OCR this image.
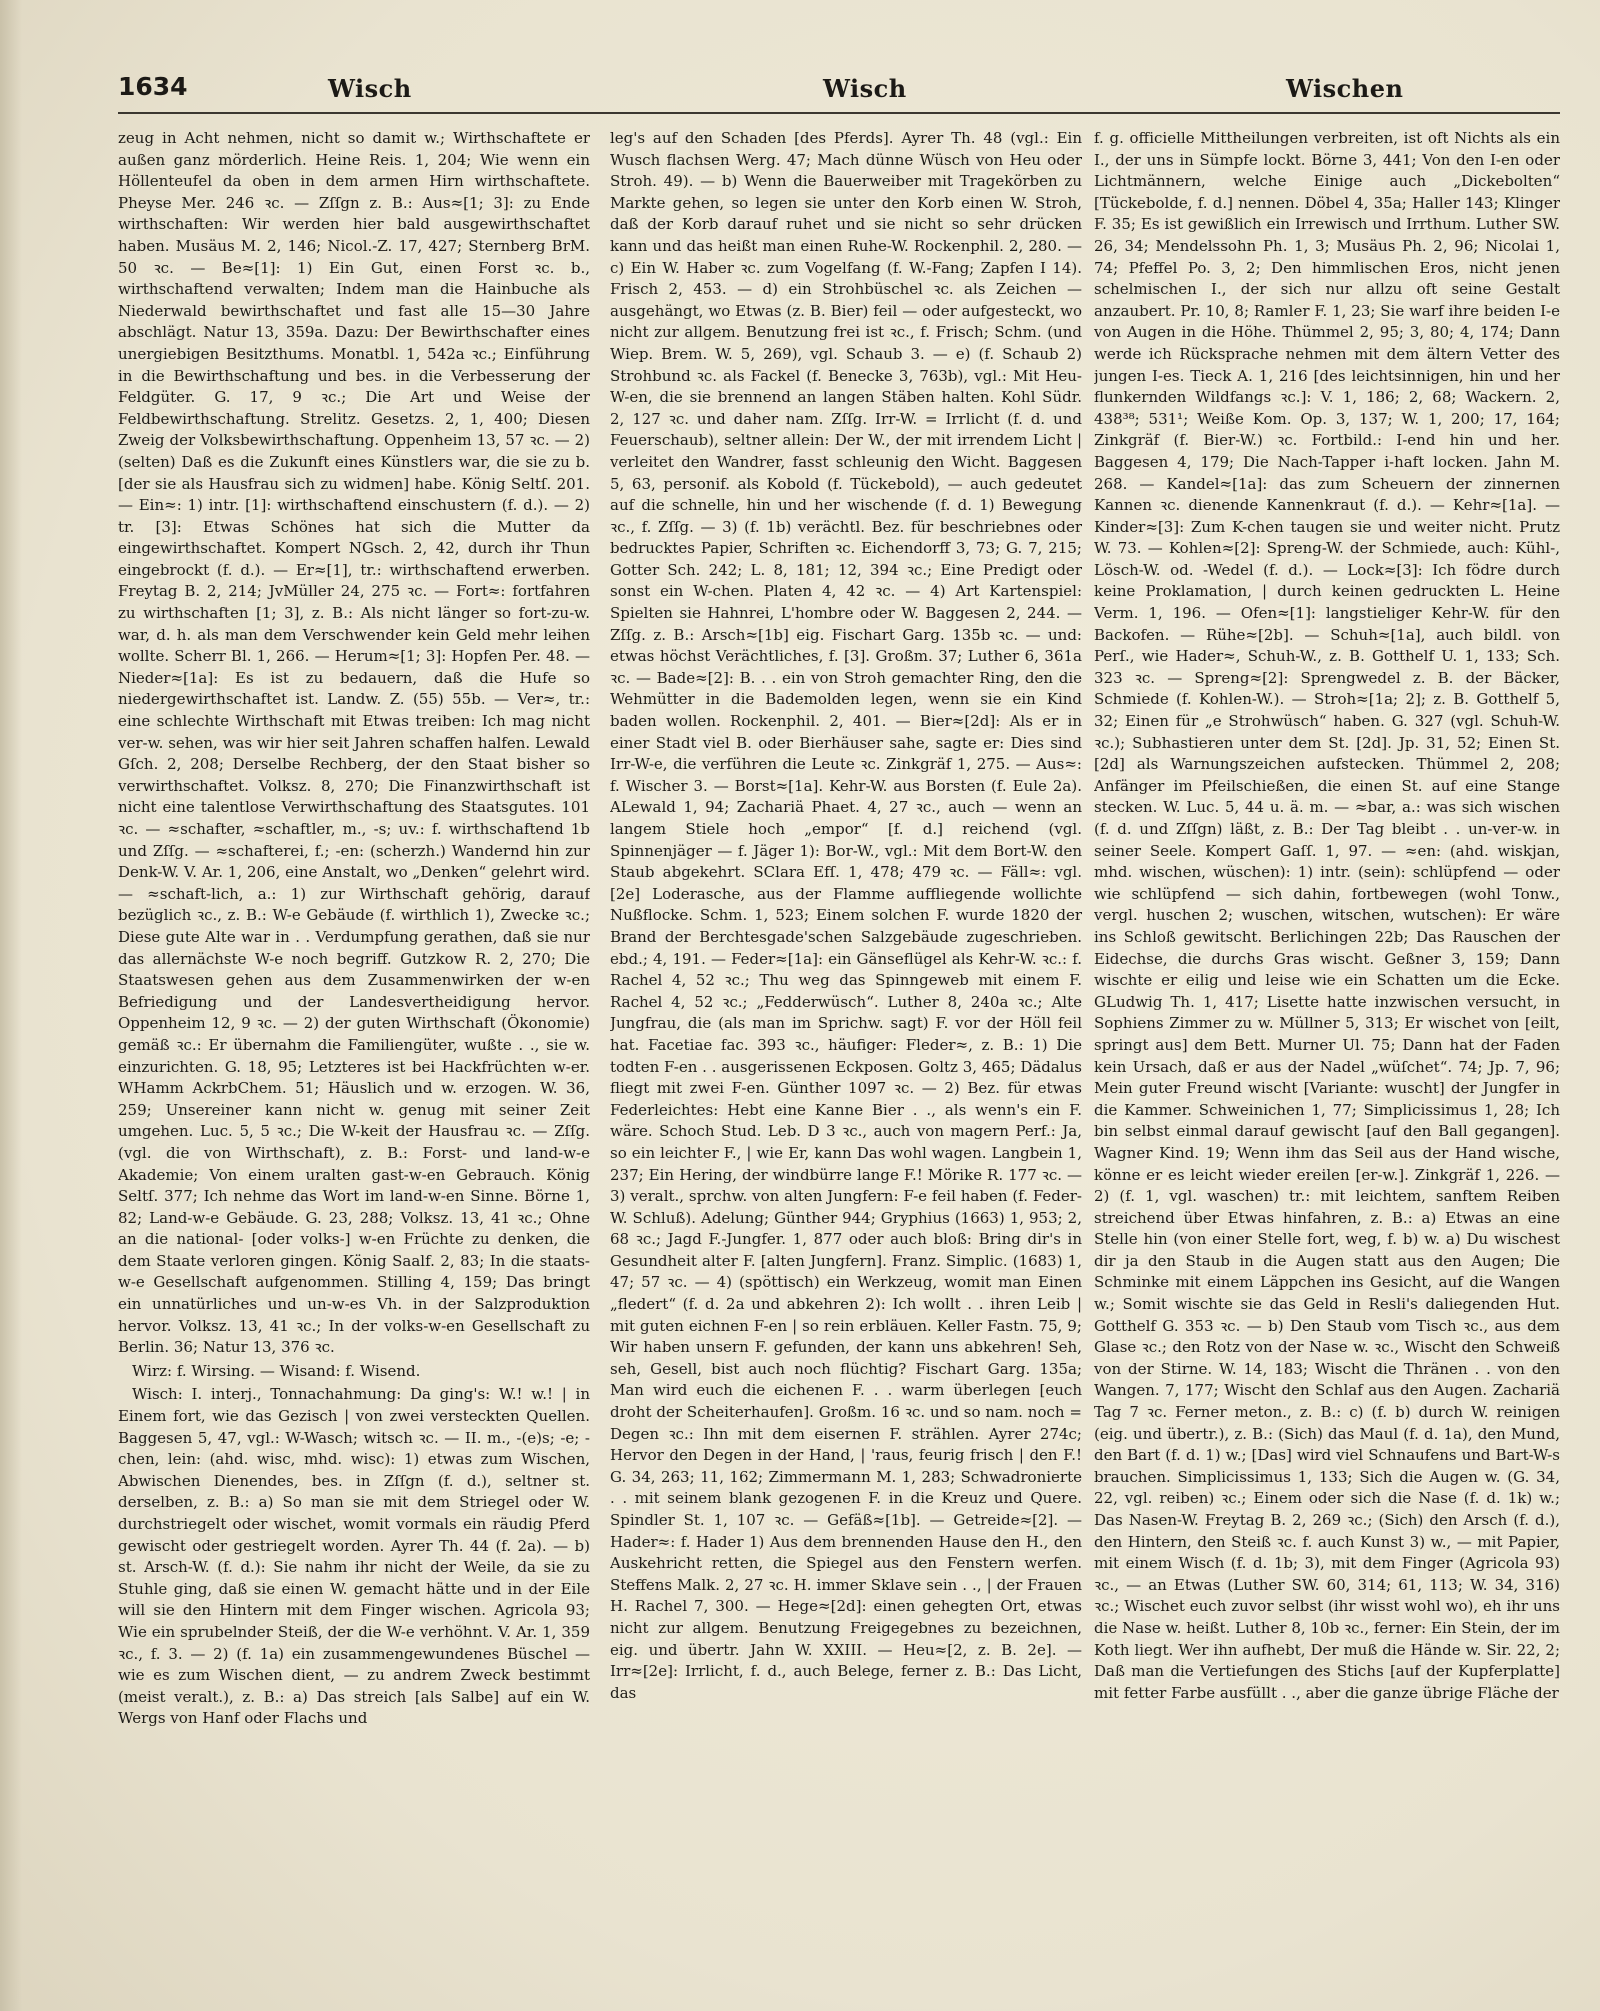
1634	Wisch	Wisch	Wischen

zeug in Acht nehmen, nicht so damit w.; Wirthschaftete er außen ganz mörderlich. Heine Reis. 1, 204; Wie wenn ein Höllenteufel da oben in dem armen Hirn wirthschaftete. Pheyse Mer. 246 ꝛc. — Zſſgn z. B.: Aus≈[1; 3]: zu Ende wirthschaften: Wir werden hier bald ausgewirthschaftet haben. Musäus M. 2, 146; Nicol.-Z. 17, 427; Sternberg BrM. 50 ꝛc. — Be≈[1]: 1) Ein Gut, einen Forst ꝛc. b., wirthschaftend verwalten; Indem man die Hainbuche als Niederwald bewirthschaftet und fast alle 15—30 Jahre abschlägt. Natur 13, 359a. Dazu: Der Bewirthschafter eines unergiebigen Besitzthums. Monatbl. 1, 542a ꝛc.; Einführung in die Bewirthschaftung und bes. in die Verbesserung der Feldgüter. G. 17, 9 ꝛc.; Die Art und Weise der Feldbewirthschaftung. Strelitz. Gesetzs. 2, 1, 400; Diesen Zweig der Volksbewirthschaftung. Oppenheim 13, 57 ꝛc. — 2) (selten) Daß es die Zukunft eines Künstlers war, die sie zu b. [der sie als Hausfrau sich zu widmen] habe. König Seltſ. 201. — Ein≈: 1) intr. [1]: wirthschaftend einschustern (f. d.). — 2) tr. [3]: Etwas Schönes hat sich die Mutter da eingewirthschaftet. Kompert NGsch. 2, 42, durch ihr Thun eingebrockt (f. d.). — Er≈[1], tr.: wirthschaftend erwerben. Freytag B. 2, 214; JvMüller 24, 275 ꝛc. — Fort≈: fortfahren zu wirthschaften [1; 3], z. B.: Als nicht länger so fort-zu-w. war, d. h. als man dem Verschwender kein Geld mehr leihen wollte. Scherr Bl. 1, 266. — Herum≈[1; 3]: Hopfen Per. 48. — Nieder≈[1a]: Es ist zu bedauern, daß die Hufe so niedergewirthschaftet ist. Landw. Z. (55) 55b. — Ver≈, tr.: eine schlechte Wirthschaft mit Etwas treiben: Ich mag nicht ver-w. sehen, was wir hier seit Jahren schaffen halfen. Lewald Gſch. 2, 208; Derselbe Rechberg, der den Staat bisher so verwirthschaftet. Volksz. 8, 270; Die Finanzwirthschaft ist nicht eine talentlose Verwirthschaftung des Staatsgutes. 101 ꝛc. — ≈schafter, ≈schaftler, m., -s; uv.: f. wirthschaftend 1b und Zſſg. — ≈schafterei, f.; -en: (scherzh.) Wandernd hin zur Denk-W. V. Ar. 1, 206, eine Anstalt, wo „Denken“ gelehrt wird. — ≈schaft-lich, a.: 1) zur Wirthschaft gehörig, darauf bezüglich ꝛc., z. B.: W-e Gebäude (f. wirthlich 1), Zwecke ꝛc.; Diese gute Alte war in . . Verdumpfung gerathen, daß sie nur das allernächste W-e noch begriff. Gutzkow R. 2, 270; Die Staatswesen gehen aus dem Zusammenwirken der w-en Befriedigung und der Landesvertheidigung hervor. Oppenheim 12, 9 ꝛc. — 2) der guten Wirthschaft (Ökonomie) gemäß ꝛc.: Er übernahm die Familiengüter, wußte . ., sie w. einzurichten. G. 18, 95; Letzteres ist bei Hackfrüchten w-er. WHamm AckrbChem. 51; Häuslich und w. erzogen. W. 36, 259; Unsereiner kann nicht w. genug mit seiner Zeit umgehen. Luc. 5, 5 ꝛc.; Die W-keit der Hausfrau ꝛc. — Zſſg. (vgl. die von Wirthschaft), z. B.: Forst- und land-w-e Akademie; Von einem uralten gast-w-en Gebrauch. König Seltſ. 377; Ich nehme das Wort im land-w-en Sinne. Börne 1, 82; Land-w-e Gebäude. G. 23, 288; Volksz. 13, 41 ꝛc.; Ohne an die national- [oder volks-] w-en Früchte zu denken, die dem Staate verloren gingen. König Saalf. 2, 83; In die staats-w-e Gesellschaft aufgenommen. Stilling 4, 159; Das bringt ein unnatürliches und un-w-es Vh. in der Salzproduktion hervor. Volksz. 13, 41 ꝛc.; In der volks-w-en Gesellschaft zu Berlin. 36; Natur 13, 376 ꝛc.

Wirz: f. Wirsing. — Wisand: f. Wisend.

Wisch: I. interj., Tonnachahmung: Da ging's: W.! w.! | in Einem fort, wie das Gezisch | von zwei versteckten Quellen. Baggesen 5, 47, vgl.: W-Wasch; witsch ꝛc. — II. m., -(e)s; -e; -chen, lein: (ahd. wisc, mhd. wisc): 1) etwas zum Wischen, Abwischen Dienendes, bes. in Zſſgn (f. d.), seltner st. derselben, z. B.: a) So man sie mit dem Striegel oder W. durchstriegelt oder wischet, womit vormals ein räudig Pferd gewischt oder gestriegelt worden. Ayrer Th. 44 (f. 2a). — b) st. Arsch-W. (f. d.): Sie nahm ihr nicht der Weile, da sie zu Stuhle ging, daß sie einen W. gemacht hätte und in der Eile will sie den Hintern mit dem Finger wischen. Agricola 93; Wie ein sprubelnder Steiß, der die W-e verhöhnt. V. Ar. 1, 359 ꝛc., f. 3. — 2) (f. 1a) ein zusammengewundenes Büschel — wie es zum Wischen dient, — zu andrem Zweck bestimmt (meist veralt.), z. B.: a) Das streich [als Salbe] auf ein W. Wergs von Hanf oder Flachs und

leg's auf den Schaden [des Pferds]. Ayrer Th. 48 (vgl.: Ein Wusch flachsen Werg. 47; Mach dünne Wüsch von Heu oder Stroh. 49). — b) Wenn die Bauerweiber mit Tragekörben zu Markte gehen, so legen sie unter den Korb einen W. Stroh, daß der Korb darauf ruhet und sie nicht so sehr drücken kann und das heißt man einen Ruhe-W. Rockenphil. 2, 280. — c) Ein W. Haber ꝛc. zum Vogelfang (f. W.-Fang; Zapfen I 14). Frisch 2, 453. — d) ein Strohbüschel ꝛc. als Zeichen — ausgehängt, wo Etwas (z. B. Bier) feil — oder aufgesteckt, wo nicht zur allgem. Benutzung frei ist ꝛc., f. Frisch; Schm. (und Wiep. Brem. W. 5, 269), vgl. Schaub 3. — e) (f. Schaub 2) Strohbund ꝛc. als Fackel (f. Benecke 3, 763b), vgl.: Mit Heu-W-en, die sie brennend an langen Stäben halten. Kohl Südr. 2, 127 ꝛc. und daher nam. Zſſg. Irr-W. = Irrlicht (f. d. und Feuerschaub), seltner allein: Der W., der mit irrendem Licht | verleitet den Wandrer, fasst schleunig den Wicht. Baggesen 5, 63, personif. als Kobold (f. Tückebold), — auch gedeutet auf die schnelle, hin und her wischende (f. d. 1) Bewegung ꝛc., f. Zſſg. — 3) (f. 1b) verächtl. Bez. für beschriebnes oder bedrucktes Papier, Schriften ꝛc. Eichendorff 3, 73; G. 7, 215; Gotter Sch. 242; L. 8, 181; 12, 394 ꝛc.; Eine Predigt oder sonst ein W-chen. Platen 4, 42 ꝛc. — 4) Art Kartenspiel: Spielten sie Hahnrei, L'hombre oder W. Baggesen 2, 244. — Zſſg. z. B.: Arsch≈[1b] eig. Fischart Garg. 135b ꝛc. — und: etwas höchst Verächtliches, f. [3]. Großm. 37; Luther 6, 361a ꝛc. — Bade≈[2]: B. . . ein von Stroh gemachter Ring, den die Wehmütter in die Bademolden legen, wenn sie ein Kind baden wollen. Rockenphil. 2, 401. — Bier≈[2d]: Als er in einer Stadt viel B. oder Bierhäuser sahe, sagte er: Dies sind Irr-W-e, die verführen die Leute ꝛc. Zinkgräf 1, 275. — Aus≈: f. Wischer 3. — Borst≈[1a]. Kehr-W. aus Borsten (f. Eule 2a). ALewald 1, 94; Zachariä Phaet. 4, 27 ꝛc., auch — wenn an langem Stiele hoch „empor“ [f. d.] reichend (vgl. Spinnenjäger — f. Jäger 1): Bor-W., vgl.: Mit dem Bort-W. den Staub abgekehrt. SClara Efſ. 1, 478; 479 ꝛc. — Fäll≈: vgl. [2e] Loderasche, aus der Flamme auffliegende wollichte Nußflocke. Schm. 1, 523; Einem solchen F. wurde 1820 der Brand der Berchtesgade'schen Salzgebäude zugeschrieben. ebd.; 4, 191. — Feder≈[1a]: ein Gänseflügel als Kehr-W. ꝛc.: f. Rachel 4, 52 ꝛc.; Thu weg das Spinngeweb mit einem F. Rachel 4, 52 ꝛc.; „Fedderwüsch“. Luther 8, 240a ꝛc.; Alte Jungfrau, die (als man im Sprichw. sagt) F. vor der Höll feil hat. Facetiae fac. 393 ꝛc., häufiger: Fleder≈, z. B.: 1) Die todten F-en . . ausgerissenen Eckposen. Goltz 3, 465; Dädalus fliegt mit zwei F-en. Günther 1097 ꝛc. — 2) Bez. für etwas Federleichtes: Hebt eine Kanne Bier . ., als wenn's ein F. wäre. Schoch Stud. Leb. D 3 ꝛc., auch von magern Perf.: Ja, so ein leichter F., | wie Er, kann Das wohl wagen. Langbein 1, 237; Ein Hering, der windbürre lange F.! Mörike R. 177 ꝛc. — 3) veralt., sprchw. von alten Jungfern: F-e feil haben (f. Feder-W. Schluß). Adelung; Günther 944; Gryphius (1663) 1, 953; 2, 68 ꝛc.; Jagd F.-Jungfer. 1, 877 oder auch bloß: Bring dir's in Gesundheit alter F. [alten Jungfern]. Franz. Simplic. (1683) 1, 47; 57 ꝛc. — 4) (spöttisch) ein Werkzeug, womit man Einen „fledert“ (f. d. 2a und abkehren 2): Ich wollt . . ihren Leib | mit guten eichnen F-en | so rein erbläuen. Keller Fastn. 75, 9; Wir haben unsern F. gefunden, der kann uns abkehren! Seh, seh, Gesell, bist auch noch flüchtig? Fischart Garg. 135a; Man wird euch die eichenen F. . . warm überlegen [euch droht der Scheiterhaufen]. Großm. 16 ꝛc. und so nam. noch = Degen ꝛc.: Ihn mit dem eisernen F. strählen. Ayrer 274c; Hervor den Degen in der Hand, | 'raus, feurig frisch | den F.! G. 34, 263; 11, 162; Zimmermann M. 1, 283; Schwadronierte . . mit seinem blank gezogenen F. in die Kreuz und Quere. Spindler St. 1, 107 ꝛc. — Gefäß≈[1b]. — Getreide≈[2]. — Hader≈: f. Hader 1) Aus dem brennenden Hause den H., den Auskehricht retten, die Spiegel aus den Fenstern werfen. Steffens Malk. 2, 27 ꝛc. H. immer Sklave sein . ., | der Frauen H. Rachel 7, 300. — Hege≈[2d]: einen gehegten Ort, etwas nicht zur allgem. Benutzung Freigegebnes zu bezeichnen, eig. und übertr. Jahn W. XXIII. — Heu≈[2, z. B. 2e]. — Irr≈[2e]: Irrlicht, f. d., auch Belege, ferner z. B.: Das Licht, das

f. g. officielle Mittheilungen verbreiten, ist oft Nichts als ein I., der uns in Sümpfe lockt. Börne 3, 441; Von den I-en oder Lichtmännern, welche Einige auch „Dickebolten“ [Tückebolde, f. d.] nennen. Döbel 4, 35a; Haller 143; Klinger F. 35; Es ist gewißlich ein Irrewisch und Irrthum. Luther SW. 26, 34; Mendelssohn Ph. 1, 3; Musäus Ph. 2, 96; Nicolai 1, 74; Pfeffel Po. 3, 2; Den himmlischen Eros, nicht jenen schelmischen I., der sich nur allzu oft seine Gestalt anzaubert. Pr. 10, 8; Ramler F. 1, 23; Sie warf ihre beiden I-e von Augen in die Höhe. Thümmel 2, 95; 3, 80; 4, 174; Dann werde ich Rücksprache nehmen mit dem ältern Vetter des jungen I-es. Tieck A. 1, 216 [des leichtsinnigen, hin und her flunkernden Wildfangs ꝛc.]: V. 1, 186; 2, 68; Wackern. 2, 438³⁸; 531¹; Weiße Kom. Op. 3, 137; W. 1, 200; 17, 164; Zinkgräf (f. Bier-W.) ꝛc. Fortbild.: I-end hin und her. Baggesen 4, 179; Die Nach-Tapper i-haft locken. Jahn M. 268. — Kandel≈[1a]: das zum Scheuern der zinnernen Kannen ꝛc. dienende Kannenkraut (f. d.). — Kehr≈[1a]. — Kinder≈[3]: Zum K-chen taugen sie und weiter nicht. Prutz W. 73. — Kohlen≈[2]: Spreng-W. der Schmiede, auch: Kühl-, Lösch-W. od. -Wedel (f. d.). — Lock≈[3]: Ich födre durch keine Proklamation, | durch keinen gedruckten L. Heine Verm. 1, 196. — Ofen≈[1]: langstieliger Kehr-W. für den Backofen. — Rühe≈[2b]. — Schuh≈[1a], auch bildl. von Perſ., wie Hader≈, Schuh-W., z. B. Gotthelf U. 1, 133; Sch. 323 ꝛc. — Spreng≈[2]: Sprengwedel z. B. der Bäcker, Schmiede (f. Kohlen-W.). — Stroh≈[1a; 2]; z. B. Gotthelf 5, 32; Einen für „e Strohwüsch“ haben. G. 327 (vgl. Schuh-W. ꝛc.); Subhastieren unter dem St. [2d]. Jp. 31, 52; Einen St. [2d] als Warnungszeichen aufstecken. Thümmel 2, 208; Anfänger im Pfeilschießen, die einen St. auf eine Stange stecken. W. Luc. 5, 44 u. ä. m. — ≈bar, a.: was sich wischen (f. d. und Zſſgn) läßt, z. B.: Der Tag bleibt . . un-ver-w. in seiner Seele. Kompert Gaſſ. 1, 97. — ≈en: (ahd. wiskjan, mhd. wischen, wüschen): 1) intr. (sein): schlüpfend — oder wie schlüpfend — sich dahin, fortbewegen (wohl Tonw., vergl. huschen 2; wuschen, witschen, wutschen): Er wäre ins Schloß gewitscht. Berlichingen 22b; Das Rauschen der Eidechse, die durchs Gras wischt. Geßner 3, 159; Dann wischte er eilig und leise wie ein Schatten um die Ecke. GLudwig Th. 1, 417; Lisette hatte inzwischen versucht, in Sophiens Zimmer zu w. Müllner 5, 313; Er wischet von [eilt, springt aus] dem Bett. Murner Ul. 75; Dann hat der Faden kein Ursach, daß er aus der Nadel „wüſchet“. 74; Jp. 7, 96; Mein guter Freund wischt [Variante: wuscht] der Jungfer in die Kammer. Schweinichen 1, 77; Simplicissimus 1, 28; Ich bin selbst einmal darauf gewischt [auf den Ball gegangen]. Wagner Kind. 19; Wenn ihm das Seil aus der Hand wische, könne er es leicht wieder ereilen [er-w.]. Zinkgräf 1, 226. — 2) (f. 1, vgl. waschen) tr.: mit leichtem, sanftem Reiben streichend über Etwas hinfahren, z. B.: a) Etwas an eine Stelle hin (von einer Stelle fort, weg, f. b) w. a) Du wischest dir ja den Staub in die Augen statt aus den Augen; Die Schminke mit einem Läppchen ins Gesicht, auf die Wangen w.; Somit wischte sie das Geld in Resli's daliegenden Hut. Gotthelf G. 353 ꝛc. — b) Den Staub vom Tisch ꝛc., aus dem Glase ꝛc.; den Rotz von der Nase w. ꝛc., Wischt den Schweiß von der Stirne. W. 14, 183; Wischt die Thränen . . von den Wangen. 7, 177; Wischt den Schlaf aus den Augen. Zachariä Tag 7 ꝛc. Ferner meton., z. B.: c) (f. b) durch W. reinigen (eig. und übertr.), z. B.: (Sich) das Maul (f. d. 1a), den Mund, den Bart (f. d. 1) w.; [Das] wird viel Schnaufens und Bart-W-s brauchen. Simplicissimus 1, 133; Sich die Augen w. (G. 34, 22, vgl. reiben) ꝛc.; Einem oder sich die Nase (f. d. 1k) w.; Das Nasen-W. Freytag B. 2, 269 ꝛc.; (Sich) den Arsch (f. d.), den Hintern, den Steiß ꝛc. f. auch Kunst 3) w., — mit Papier, mit einem Wisch (f. d. 1b; 3), mit dem Finger (Agricola 93) ꝛc., — an Etwas (Luther SW. 60, 314; 61, 113; W. 34, 316) ꝛc.; Wischet euch zuvor selbst (ihr wisst wohl wo), eh ihr uns die Nase w. heißt. Luther 8, 10b ꝛc., ferner: Ein Stein, der im Koth liegt. Wer ihn aufhebt, Der muß die Hände w. Sir. 22, 2; Daß man die Vertiefungen des Stichs [auf der Kupferplatte] mit fetter Farbe ausfüllt . ., aber die ganze übrige Fläche der
